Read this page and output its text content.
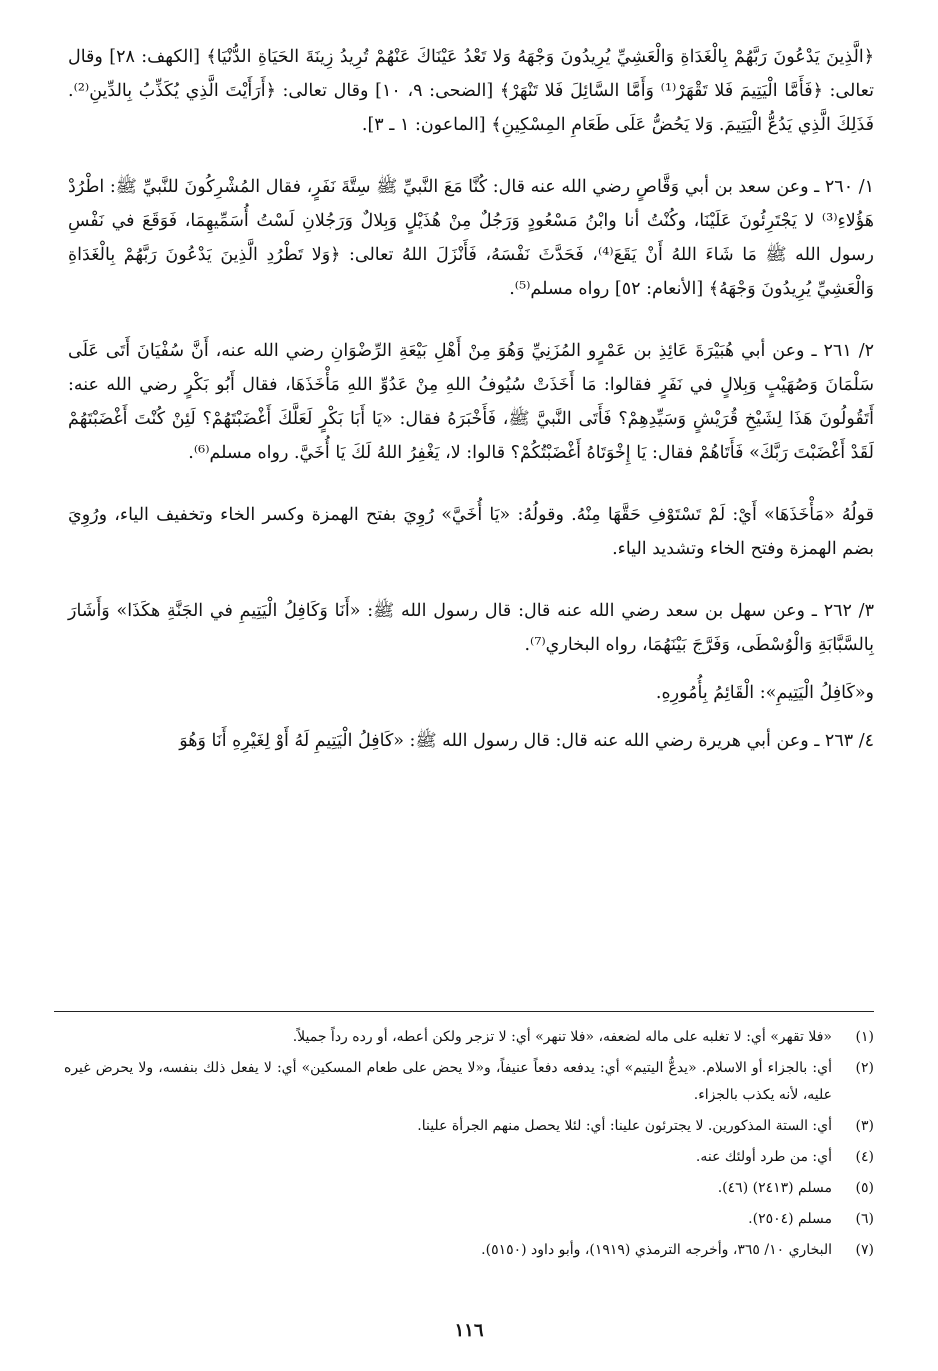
﴿الَّذِينَ يَدْعُونَ رَبَّهُمْ بِالْغَدَاةِ وَالْعَشِيِّ يُرِيدُونَ وَجْهَهُ وَلا تَعْدُ عَيْنَاكَ عَنْهُمْ تُرِيدُ زِينَةَ الحَيَاةِ الدُّنْيَا﴾ [الكهف: ٢٨] وقال تعالى: ﴿فَأَمَّا الْيَتِيمَ فَلا تَقْهَرْ⁽¹⁾ وَأَمَّا السَّائِلَ فَلا تَنْهَرْ﴾ [الضحى: ٩، ١٠] وقال تعالى: ﴿أَرَأَيْتَ الَّذِي يُكَذِّبُ بِالدِّينِ⁽²⁾. فَذَلِكَ الَّذِي يَدُعُّ الْيَتِيمَ. وَلا يَحُضُّ عَلَى طَعَامِ المِسْكِينِ﴾ [الماعون: ١ ـ ٣].

١/ ٢٦٠ ـ وعن سعد بن أبي وَقَّاصٍ رضي الله عنه قال: كُنَّا مَعَ النَّبيِّ ﷺ سِتَّةَ نَفَرٍ، فقال المُشْرِكُونَ للنَّبيِّ ﷺ: اطْرُدْ هَؤُلاءِ⁽³⁾ لا يَجْتَرِئُونَ عَلَيْنَا، وكُنْتُ أنا وابْنُ مَسْعُودٍ وَرَجُلٌ مِنْ هُذَيْلٍ وَبِلالٌ وَرَجُلانِ لَسْتُ أُسَمِّيهِمَا، فَوَقَعَ في نَفْسِ رسول الله ﷺ مَا شَاءَ اللهُ أَنْ يَقَعَ⁽⁴⁾، فَحَدَّثَ نَفْسَهُ، فَأَنْزَلَ اللهُ تعالى: ﴿وَلا تَطْرُدِ الَّذِينَ يَدْعُونَ رَبَّهُمْ بِالْغَدَاةِ وَالْعَشِيِّ يُرِيدُونَ وَجْهَهُ﴾ [الأنعام: ٥٢] رواه مسلم⁽⁵⁾.

٢/ ٢٦١ ـ وعن أبي هُبَيْرَةَ عَائِذِ بن عَمْرٍو المُزَنِيِّ وَهُوَ مِنْ أَهْلِ بَيْعَةِ الرِّضْوَانِ رضي الله عنه، أَنَّ سُفْيَانَ أَتَى عَلَى سَلْمَانَ وَصُهَيْبٍ وَبِلالٍ في نَفَرٍ فقالوا: مَا أَخَذَتْ سُيُوفُ اللهِ مِنْ عَدُوِّ اللهِ مَأْخَذَهَا، فقال أَبُو بَكْرٍ رضي الله عنه: أَتَقُولُونَ هَذَا لِشَيْخِ قُرَيْشٍ وَسَيِّدِهِمْ؟ فَأَتَى النَّبيَّ ﷺ، فَأَخْبَرَهُ فقال: «يَا أَبَا بَكْرٍ لَعَلَّكَ أَغْضَبْتَهُمْ؟ لَئِنْ كُنْتَ أَغْضَبْتَهُمْ لَقَدْ أَغْضَبْتَ رَبَّكَ» فَأَتَاهُمْ فقال: يَا إِخْوَتَاهُ أَغْضَبْتُكُمْ؟ قالوا: لا، يَغْفِرُ اللهُ لَكَ يَا أُخَيَّ. رواه مسلم⁽⁶⁾.

قولُهُ «مَأْخَذَهَا» أَيْ: لَمْ تَسْتَوْفِ حَقَّهَا مِنْهُ. وقولُهُ: «يَا أُخَيَّ» رُوِيَ بفتح الهمزة وكسر الخاء وتخفيف الياء، ورُوِيَ بضم الهمزة وفتح الخاء وتشديد الياء.

٣/ ٢٦٢ ـ وعن سهل بن سعد رضي الله عنه قال: قال رسول الله ﷺ: «أَنَا وَكَافِلُ الْيَتِيمِ في الجَنَّةِ هكَذَا» وَأَشَارَ بِالسَّبَّابَةِ وَالْوُسْطَى، وَفَرَّجَ بَيْنَهُمَا، رواه البخاري⁽⁷⁾.

و«كَافِلُ الْيَتِيمِ»: الْقَائِمُ بِأُمُورِهِ.

٤/ ٢٦٣ ـ وعن أبي هريرة رضي الله عنه قال: قال رسول الله ﷺ: «كَافِلُ الْيَتِيمِ لَهُ أَوْ لِغَيْرِهِ أَنَا وَهُوَ

(١)
«فلا تقهر» أي: لا تغلبه على ماله لضعفه، «فلا تنهر» أي: لا تزجر ولكن أعطه، أو رده رداً جميلاً.
(٢)
أي: بالجزاء أو الاسلام. «يدعُّ اليتيم» أي: يدفعه دفعاً عنيفاً، و«لا يحض على طعام المسكين» أي: لا يفعل ذلك بنفسه، ولا يحرض غيره عليه، لأنه يكذب بالجزاء.
(٣)
أي: الستة المذكورين. لا يجترئون علينا: أي: لئلا يحصل منهم الجرأة علينا.
(٤)
أي: من طرد أولئك عنه.
(٥)
مسلم (٢٤١٣) (٤٦).
(٦)
مسلم (٢٥٠٤).
(٧)
البخاري ١٠/ ٣٦٥، وأخرجه الترمذي (١٩١٩)، وأبو داود (٥١٥٠).
١١٦
